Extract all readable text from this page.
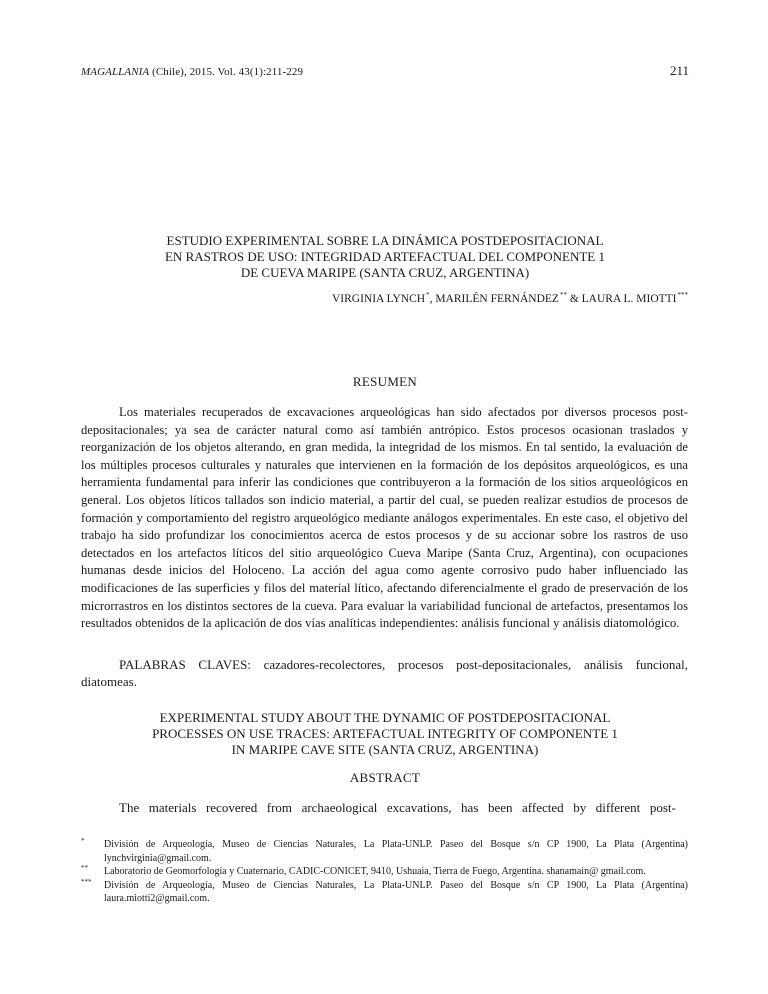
MAGALLANIA (Chile), 2015. Vol. 43(1):211-229	211
ESTUDIO EXPERIMENTAL SOBRE LA DINÁMICA POSTDEPOSITACIONAL
EN RASTROS DE USO: INTEGRIDAD ARTEFACTUAL DEL COMPONENTE 1
DE CUEVA MARIPE (SANTA CRUZ, ARGENTINA)
VIRGINIA LYNCH*, MARILÉN FERNÁNDEZ** & LAURA L. MIOTTI***
RESUMEN
Los materiales recuperados de excavaciones arqueológicas han sido afectados por diversos procesos post-depositacionales; ya sea de carácter natural como así también antrópico. Estos procesos ocasionan traslados y reorganización de los objetos alterando, en gran medida, la integridad de los mismos. En tal sentido, la evaluación de los múltiples procesos culturales y naturales que intervienen en la formación de los depósitos arqueológicos, es una herramienta fundamental para inferir las condiciones que contribuyeron a la formación de los sitios arqueológicos en general. Los objetos líticos tallados son indicio material, a partir del cual, se pueden realizar estudios de procesos de formación y comportamiento del registro arqueológico mediante análogos experimentales. En este caso, el objetivo del trabajo ha sido profundizar los conocimientos acerca de estos procesos y de su accionar sobre los rastros de uso detectados en los artefactos líticos del sitio arqueológico Cueva Maripe (Santa Cruz, Argentina), con ocupaciones humanas desde inicios del Holoceno. La acción del agua como agente corrosivo pudo haber influenciado las modificaciones de las superficies y filos del material lítico, afectando diferencialmente el grado de preservación de los microrrastros en los distintos sectores de la cueva. Para evaluar la variabilidad funcional de artefactos, presentamos los resultados obtenidos de la aplicación de dos vías analíticas independientes: análisis funcional y análisis diatomológico.
PALABRAS CLAVES: cazadores-recolectores, procesos post-depositacionales, análisis funcional, diatomeas.
EXPERIMENTAL STUDY ABOUT THE DYNAMIC OF POSTDEPOSITACIONAL
PROCESSES ON USE TRACES: ARTEFACTUAL INTEGRITY OF COMPONENTE 1
IN MARIPE CAVE SITE (SANTA CRUZ, ARGENTINA)
ABSTRACT
The materials recovered from archaeological excavations, has been affected by different post-
* División de Arqueología, Museo de Ciencias Naturales, La Plata-UNLP. Paseo del Bosque s/n CP 1900, La Plata (Argentina) lynchvirginia@gmail.com.
** Laboratorio de Geomorfología y Cuaternario, CADIC-CONICET, 9410, Ushuaia, Tierra de Fuego, Argentina. shanamain@ gmail.com.
*** División de Arqueología, Museo de Ciencias Naturales, La Plata-UNLP. Paseo del Bosque s/n CP 1900, La Plata (Argentina) laura.miotti2@gmail.com.
